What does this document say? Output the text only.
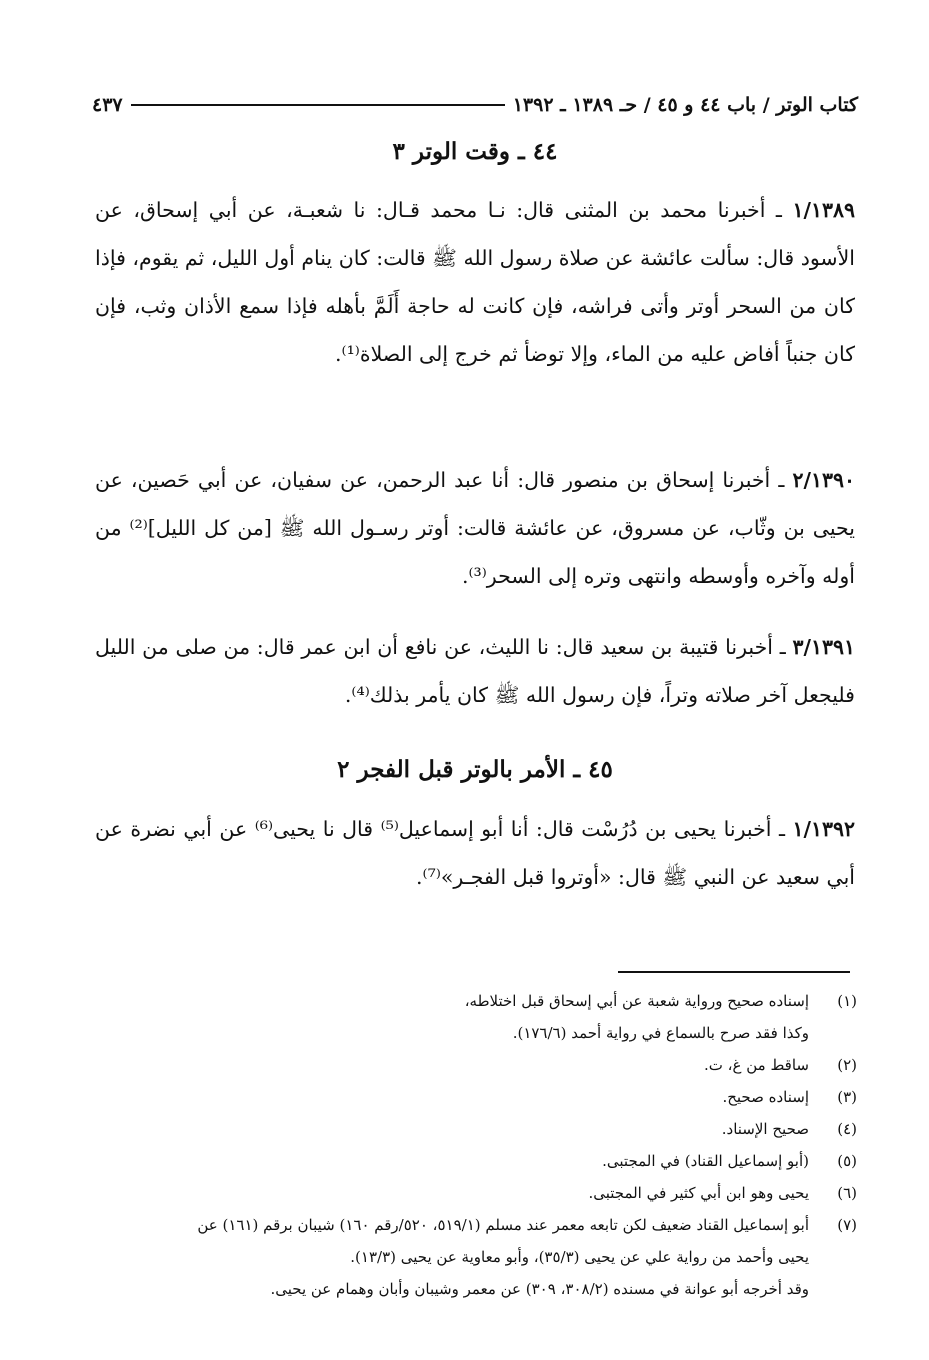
كتاب الوتر / باب ٤٤ و ٤٥ / حـ ١٣٨٩ ـ ١٣٩٢
٤٣٧
٤٤ ـ وقت الوتر ٣
١/١٣٨٩ ـ أخبرنا محمد بن المثنى قال: نـا محمد قـال: نا شعبـة، عن أبي إسحاق، عن الأسود قال: سألت عائشة عن صلاة رسول الله ﷺ قالت: كان ينام أول الليل، ثم يقوم، فإذا كان من السحر أوتر وأتى فراشه، فإن كانت له حاجة أَلَمَّ بأهله فإذا سمع الأذان وثب، فإن كان جنباً أفاض عليه من الماء، وإلا توضأ ثم خرج إلى الصلاة⁽¹⁾.
٢/١٣٩٠ ـ أخبرنا إسحاق بن منصور قال: أنا عبد الرحمن، عن سفيان، عن أبي حَصين، عن يحيى بن وثّاب، عن مسروق، عن عائشة قالت: أوتر رسـول الله ﷺ [من كل الليل]⁽²⁾ من أوله وآخره وأوسطه وانتهى وتره إلى السحر⁽³⁾.
٣/١٣٩١ ـ أخبرنا قتيبة بن سعيد قال: نا الليث، عن نافع أن ابن عمر قال: من صلى من الليل فليجعل آخر صلاته وتراً، فإن رسول الله ﷺ كان يأمر بذلك⁽⁴⁾.
٤٥ ـ الأمر بالوتر قبل الفجر ٢
١/١٣٩٢ ـ أخبرنا يحيى بن دُرُسْت قال: أنا أبو إسماعيل⁽⁵⁾ قال نا يحيى⁽⁶⁾ عن أبي نضرة عن أبي سعيد عن النبي ﷺ قال: «أوتروا قبل الفجـر»⁽⁷⁾.
(١)
إسناده صحيح ورواية شعبة عن أبي إسحاق قبل اختلاطه،
وكذا فقد صرح بالسماع في رواية أحمد (١٧٦/٦).
(٢)
ساقط من غ، ت.
(٣)
إسناده صحيح.
(٤)
صحيح الإسناد.
(٥)
(أبو إسماعيل القناد) في المجتبى.
(٦)
يحيى وهو ابن أبي كثير في المجتبى.
(٧)
أبو إسماعيل القناد ضعيف لكن تابعه معمر عند مسلم (٥١٩/١، ٥٢٠/رقم ١٦٠) شيبان برقم (١٦١) عن
يحيى وأحمد من رواية علي عن يحيى (٣٥/٣)، وأبو معاوية عن يحيى (١٣/٣).
وقد أخرجه أبو عوانة في مسنده (٣٠٨/٢، ٣٠٩) عن معمر وشيبان وأبان وهمام عن يحيى.
